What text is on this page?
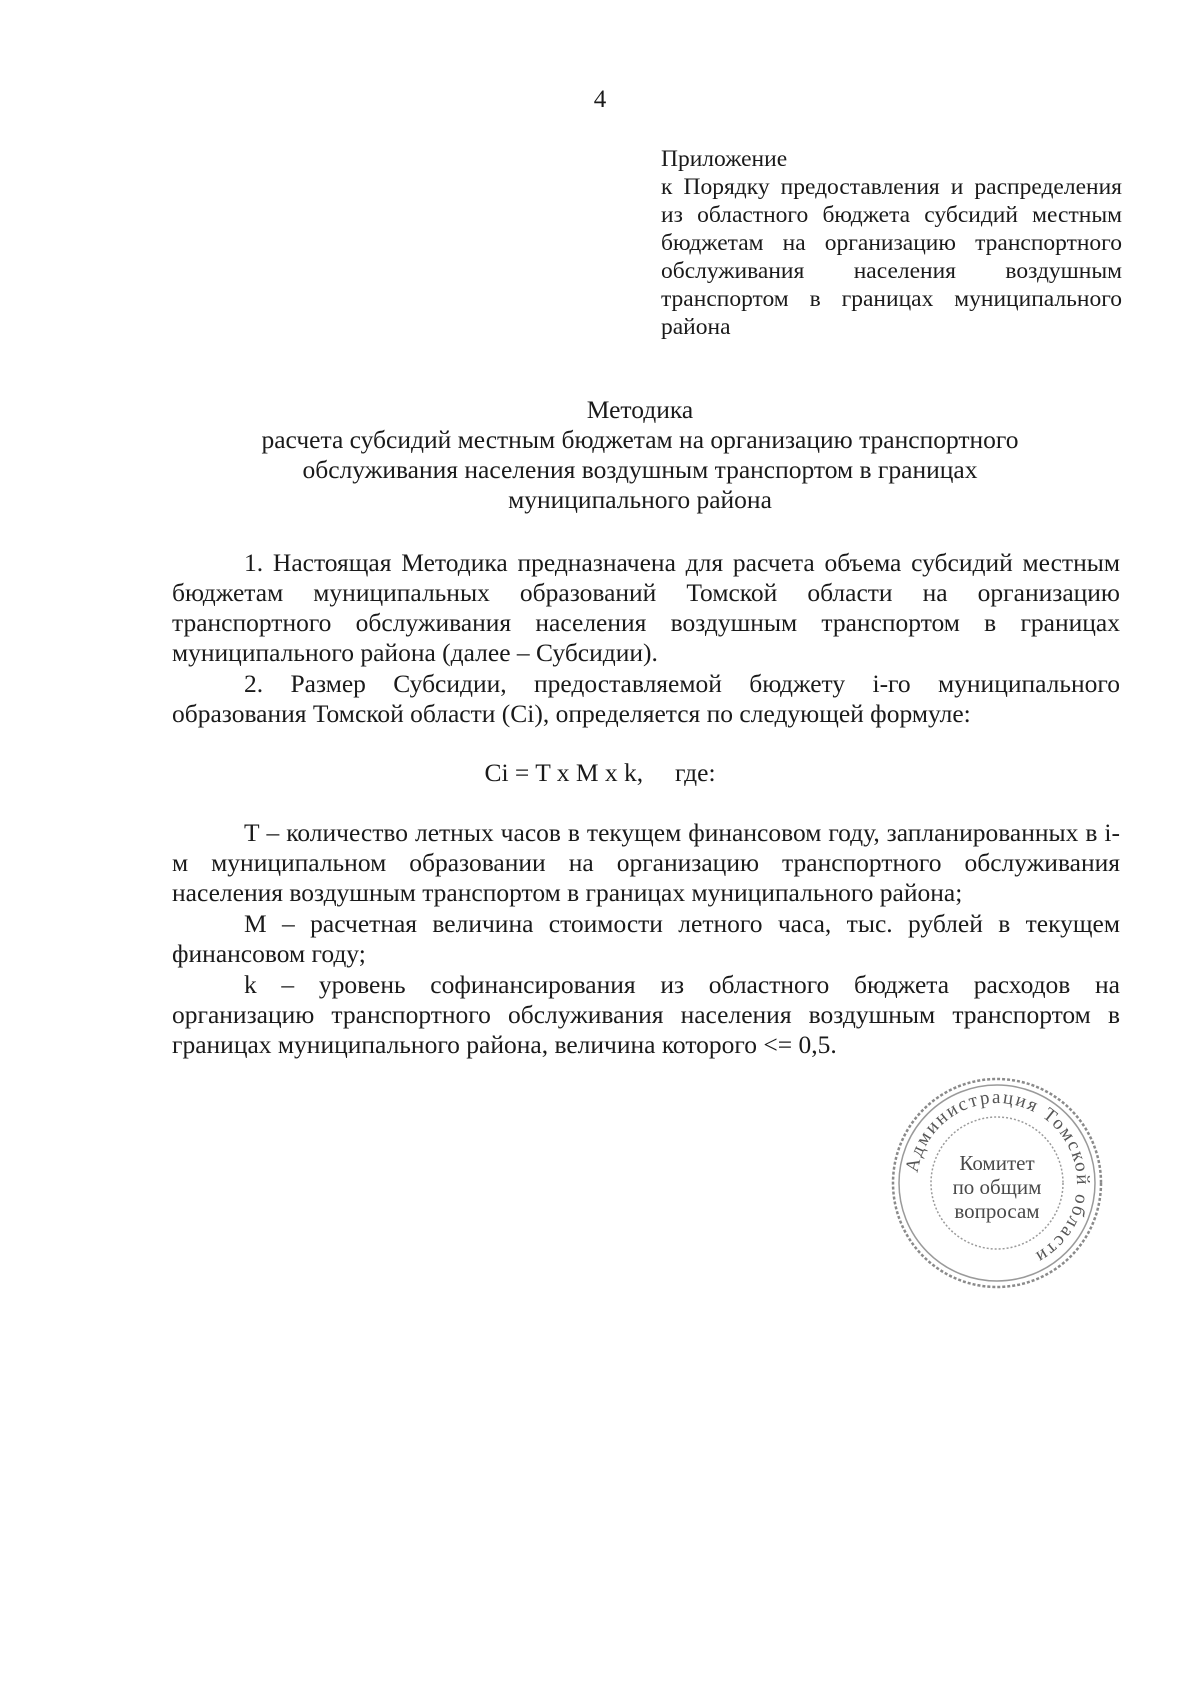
4
Приложение
к Порядку предоставления и распределения
из областного бюджета субсидий местным
бюджетам на организацию транспортного
обслуживания населения воздушным
транспортом в границах муниципального
района
Методика
расчета субсидий местным бюджетам на организацию транспортного
обслуживания населения воздушным транспортом в границах
муниципального района

1. Настоящая Методика предназначена для расчета объема субсидий местным бюджетам муниципальных образований Томской области на организацию транспортного обслуживания населения воздушным транспортом в границах муниципального района (далее – Субсидии).

2. Размер Субсидии, предоставляемой бюджету i-го муниципального образования Томской области (Ci), определяется по следующей формуле:

Ci = T x M x k,     где:

Т – количество летных часов в текущем финансовом году, запланированных в i-м муниципальном образовании на организацию транспортного обслуживания населения воздушным транспортом в границах муниципального района;

М – расчетная величина стоимости летного часа, тыс. рублей в текущем финансовом году;

k – уровень софинансирования из областного бюджета расходов на организацию транспортного обслуживания населения воздушным транспортом в границах муниципального района, величина которого <= 0,5.

Администрация Томской области
Комитет
по общим
вопросам
